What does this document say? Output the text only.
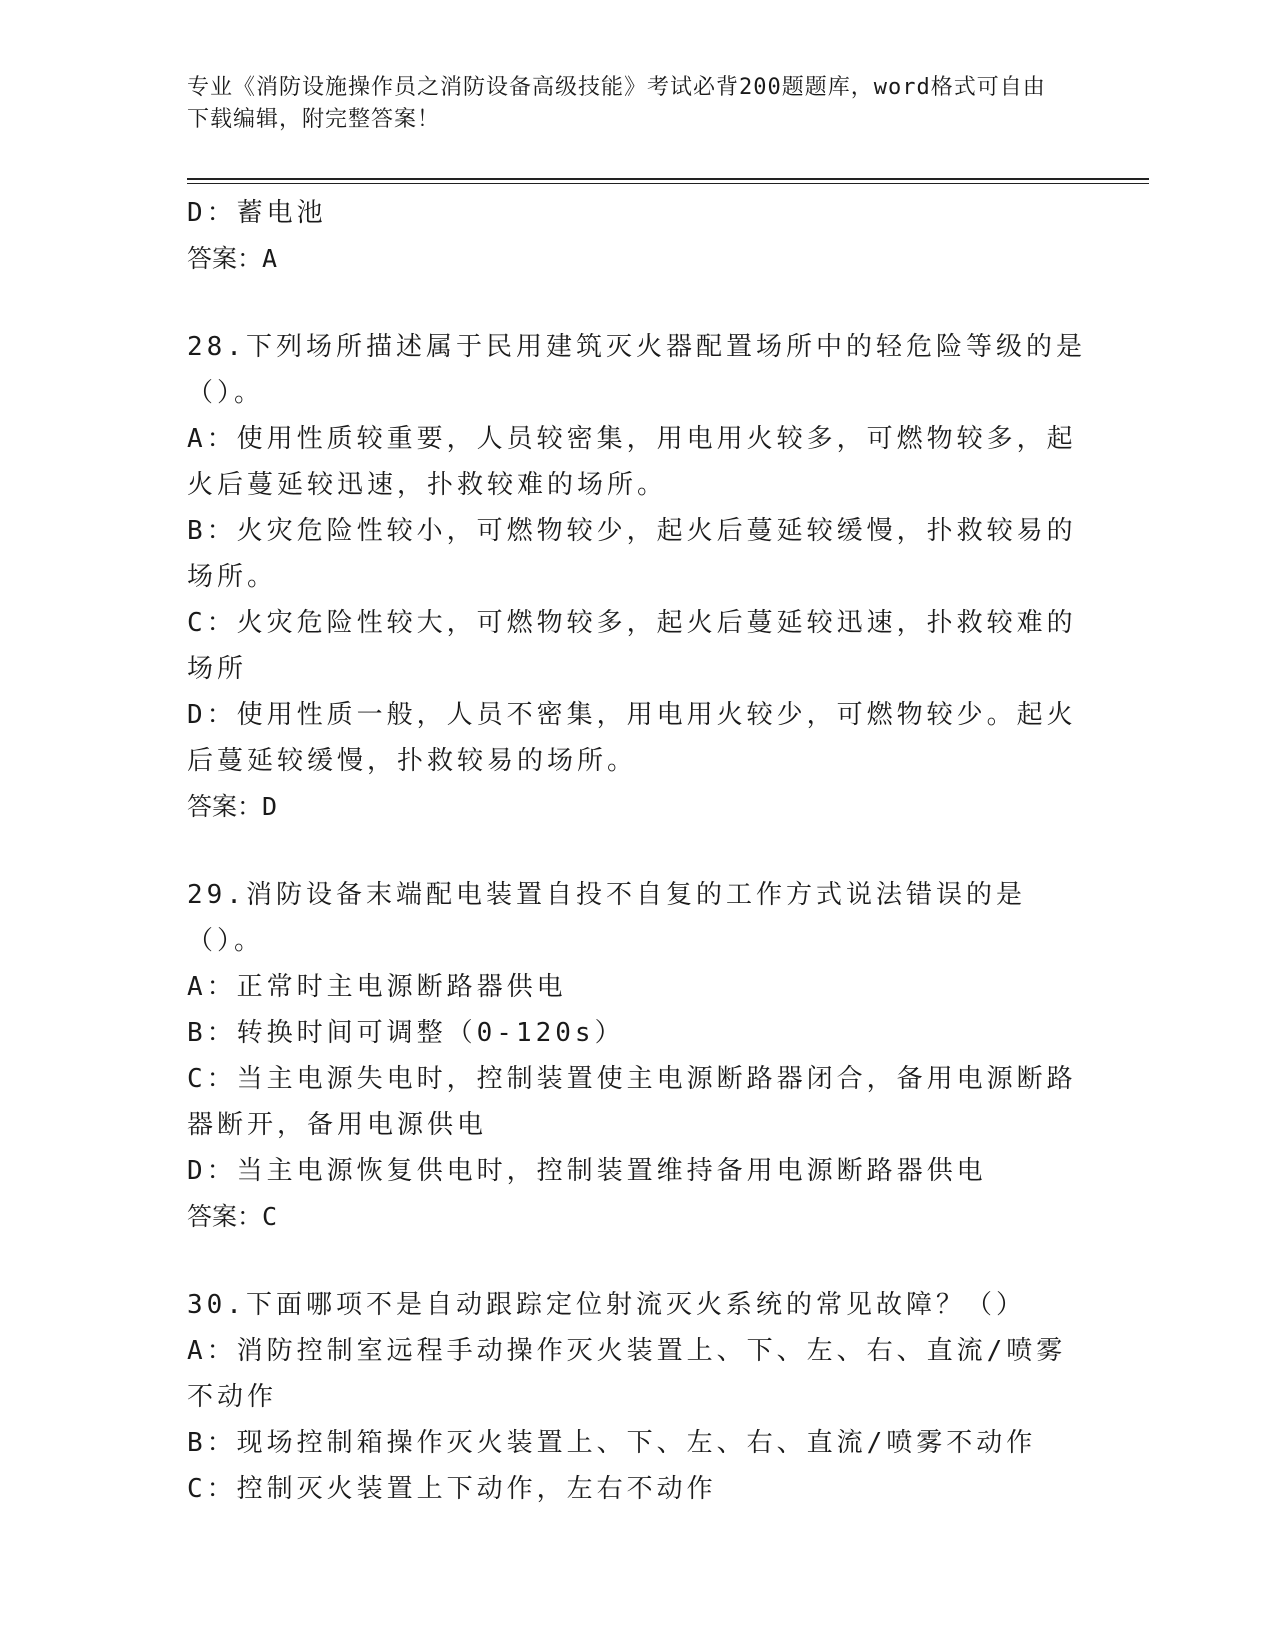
专业《消防设施操作员之消防设备高级技能》考试必背200题题库，word格式可自由下载编辑，附完整答案！

D：蓄电池

答案：A

28.下列场所描述属于民用建筑灭火器配置场所中的轻危险等级的是（）。

A：使用性质较重要，人员较密集，用电用火较多，可燃物较多，起火后蔓延较迅速，扑救较难的场所。

B：火灾危险性较小，可燃物较少，起火后蔓延较缓慢，扑救较易的场所。

C：火灾危险性较大，可燃物较多，起火后蔓延较迅速，扑救较难的场所

D：使用性质一般，人员不密集，用电用火较少，可燃物较少。起火后蔓延较缓慢，扑救较易的场所。

答案：D

29.消防设备末端配电装置自投不自复的工作方式说法错误的是（）。

A：正常时主电源断路器供电

B：转换时间可调整（0-120s）

C：当主电源失电时，控制装置使主电源断路器闭合，备用电源断路器断开，备用电源供电

D：当主电源恢复供电时，控制装置维持备用电源断路器供电

答案：C

30.下面哪项不是自动跟踪定位射流灭火系统的常见故障？（）

A：消防控制室远程手动操作灭火装置上、下、左、右、直流/喷雾不动作

B：现场控制箱操作灭火装置上、下、左、右、直流/喷雾不动作

C：控制灭火装置上下动作，左右不动作
